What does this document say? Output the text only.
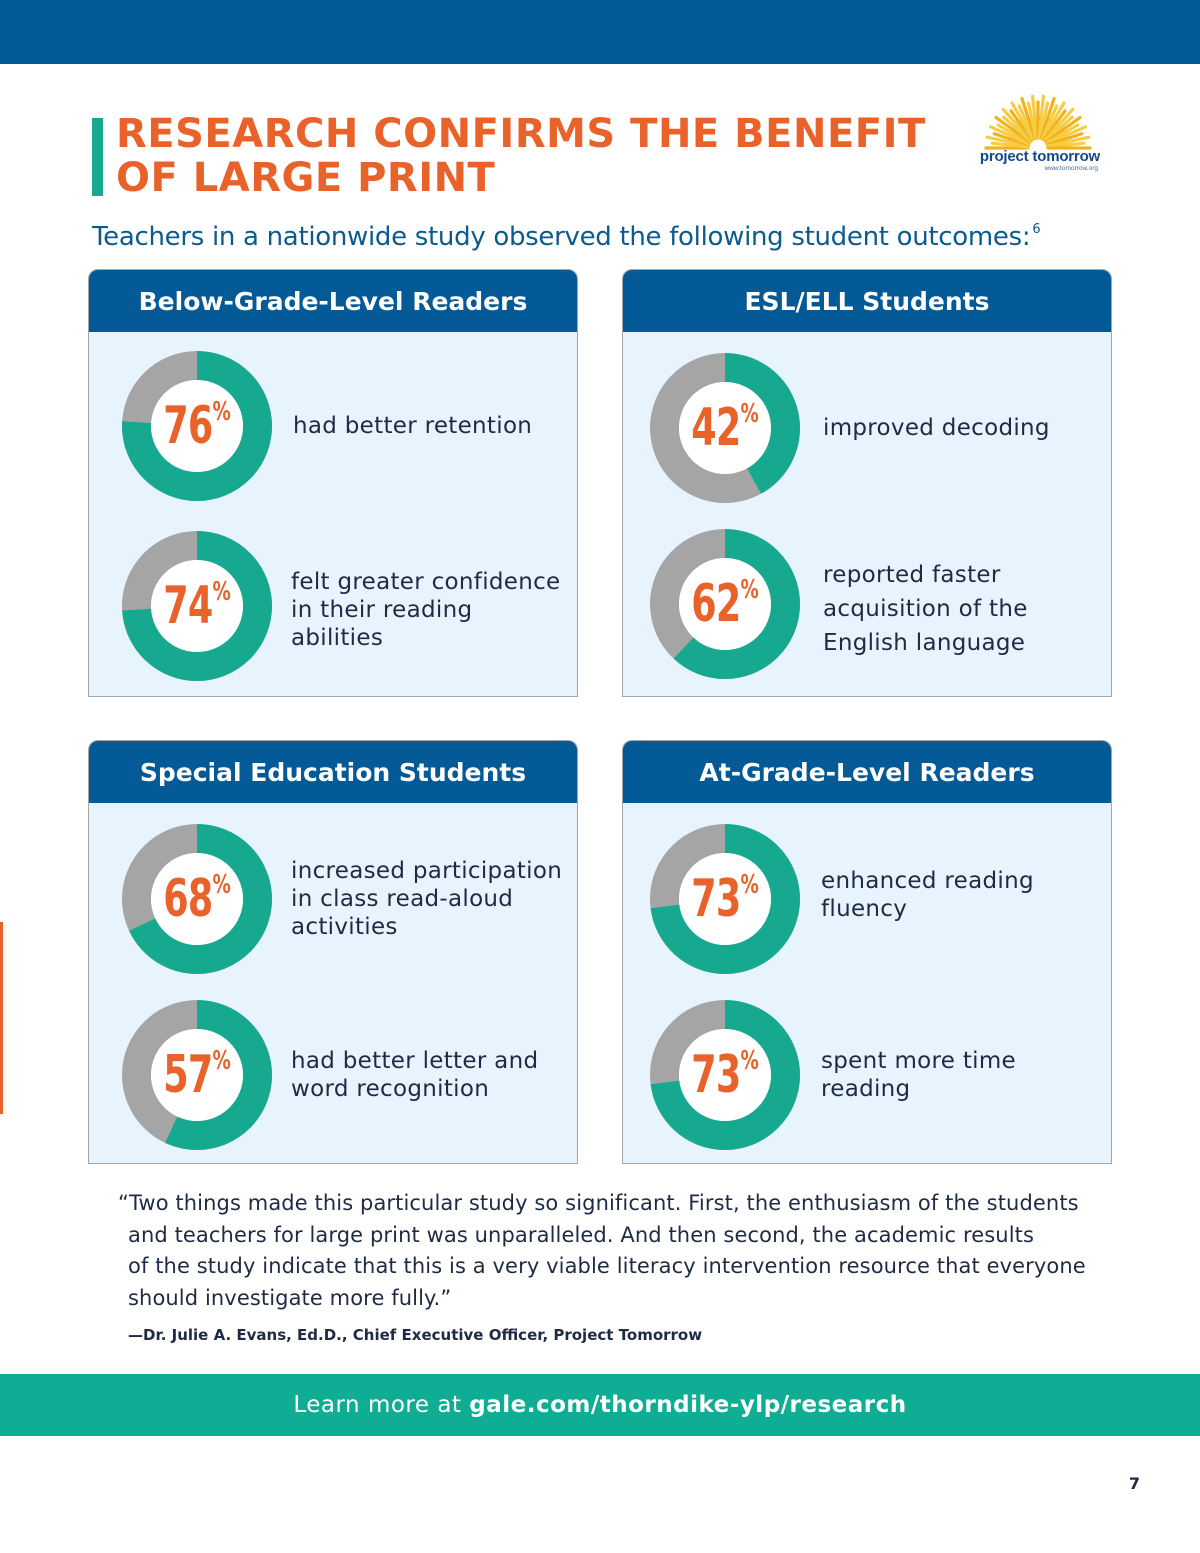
RESEARCH CONFIRMS THE BENEFIT
OF LARGE PRINT	project tomorrow
www.tomorrow.org

Teachers in a nationwide study observed the following student outcomes: $^6$

Below-Grade-Level Readers
76 %	had better retention
74 %	felt greater confidence in their reading abilities
ESL/ELL Students
42 %	improved decoding
62 %	reported faster acquisition of the English language
Special Education Students
68 %	increased participation in class read-aloud activities
57 %	had better letter and word recognition
At-Grade-Level Readers
73 %	enhanced reading fluency
73 %	spent more time reading

“Two things made this particular study so significant. First, the enthusiasm of the students
and teachers for large print was unparalleled. And then second, the academic results
of the study indicate that this is a very viable literacy intervention resource that everyone
should investigate more fully.”

—Dr. Julie A. Evans, Ed.D., Chief Executive Officer, Project Tomorrow

Learn more at gale.com/thorndike-ylp/research
7
